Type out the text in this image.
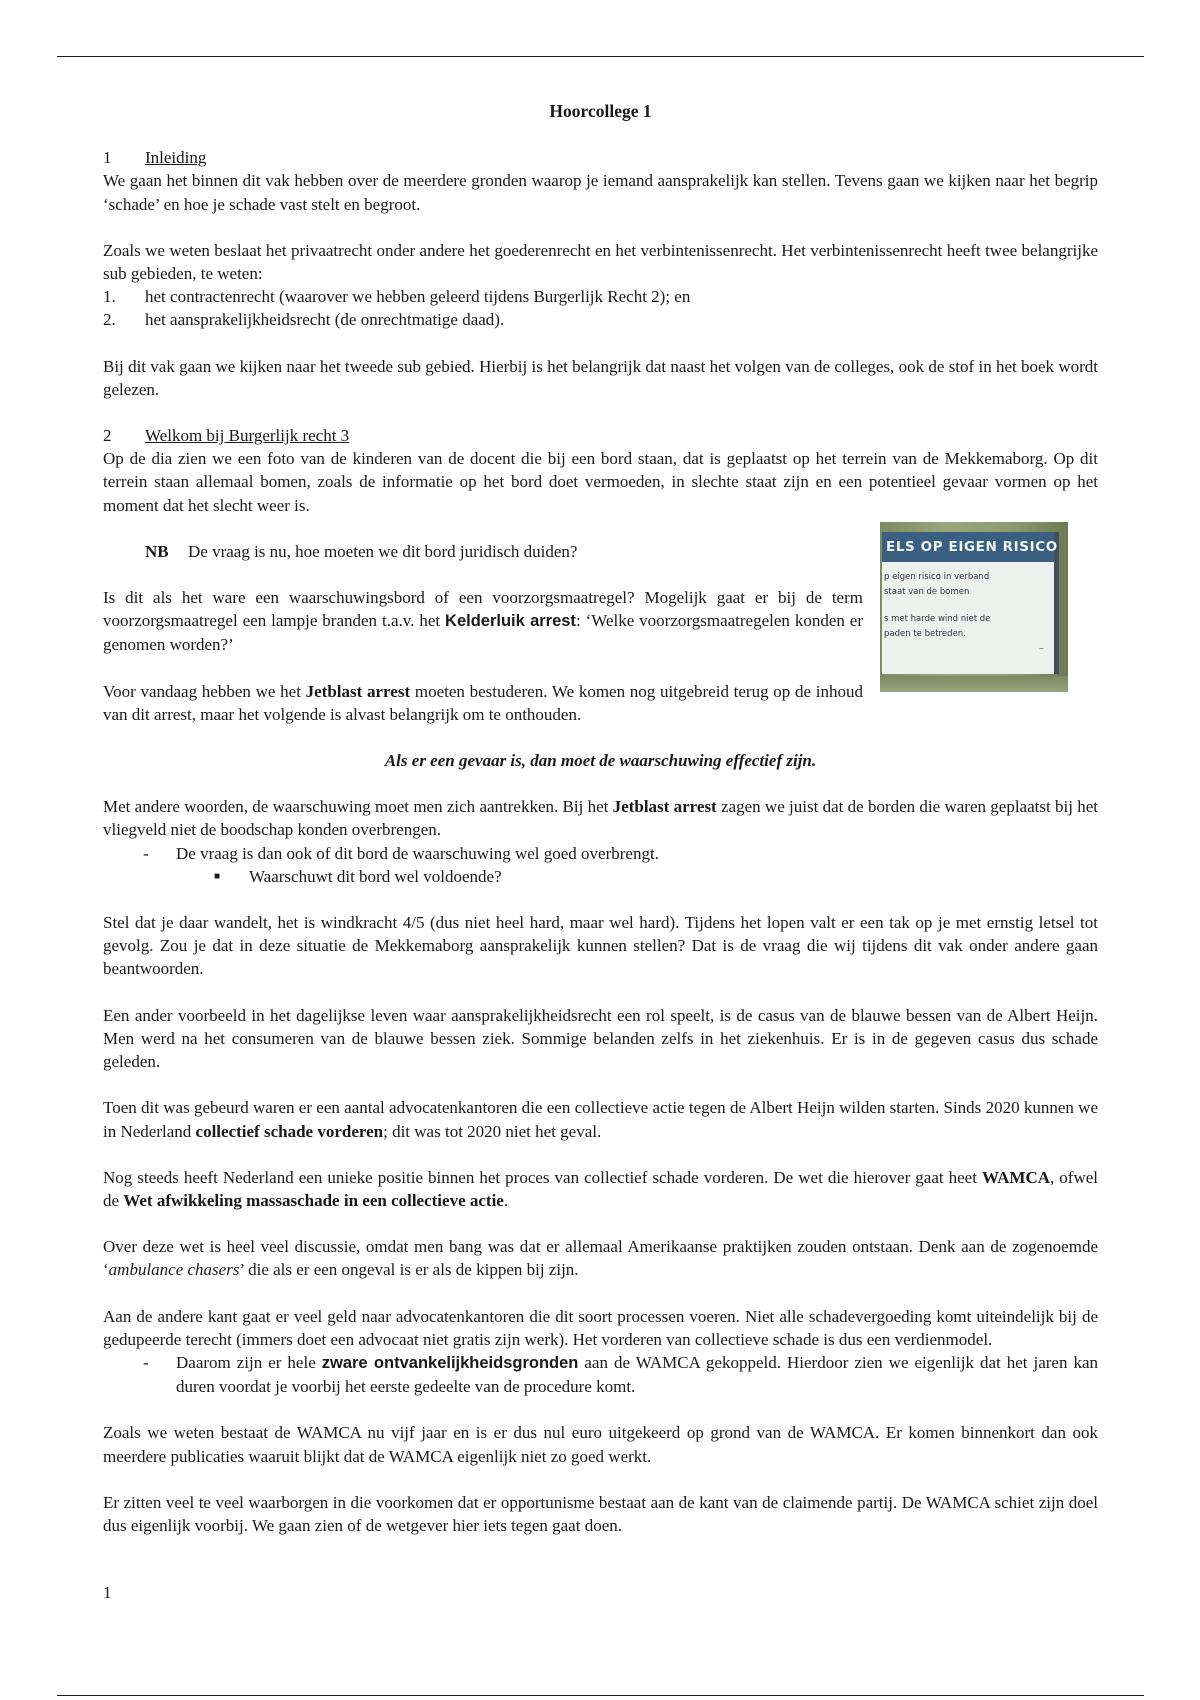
Hoorcollege 1

1 Inleiding

We gaan het binnen dit vak hebben over de meerdere gronden waarop je iemand aansprakelijk kan stellen. Tevens gaan we kijken naar het begrip ‘schade’ en hoe je schade vast stelt en begroot.

Zoals we weten beslaat het privaatrecht onder andere het goederenrecht en het verbintenissenrecht. Het verbintenissenrecht heeft twee belangrijke sub gebieden, te weten:

1.	het contractenrecht (waarover we hebben geleerd tijdens Burgerlijk Recht 2); en
2.	het aansprakelijkheidsrecht (de onrechtmatige daad).

Bij dit vak gaan we kijken naar het tweede sub gebied. Hierbij is het belangrijk dat naast het volgen van de colleges, ook de stof in het boek wordt gelezen.

2 Welkom bij Burgerlijk recht 3

Op de dia zien we een foto van de kinderen van de docent die bij een bord staan, dat is geplaatst op het terrein van de Mekkemaborg. Op dit terrein staan allemaal bomen, zoals de informatie op het bord doet vermoeden, in slechte staat zijn en een potentieel gevaar vormen op het moment dat het slecht weer is.

NB De vraag is nu, hoe moeten we dit bord juridisch duiden?

Is dit als het ware een waarschuwingsbord of een voorzorgsmaatregel? Mogelijk gaat er bij de term voorzorgsmaatregel een lampje branden t.a.v. het Kelderluik arrest: ‘Welke voorzorgsmaatregelen konden er genomen worden?’

Voor vandaag hebben we het Jetblast arrest moeten bestuderen. We komen nog uitgebreid terug op de inhoud van dit arrest, maar het volgende is alvast belangrijk om te onthouden.

Als er een gevaar is, dan moet de waarschuwing effectief zijn.

Met andere woorden, de waarschuwing moet men zich aantrekken. Bij het Jetblast arrest zagen we juist dat de borden die waren geplaatst bij het vliegveld niet de boodschap konden overbrengen.

-	De vraag is dan ook of dit bord de waarschuwing wel goed overbrengt.
■	Waarschuwt dit bord wel voldoende?

Stel dat je daar wandelt, het is windkracht 4/5 (dus niet heel hard, maar wel hard). Tijdens het lopen valt er een tak op je met ernstig letsel tot gevolg. Zou je dat in deze situatie de Mekkemaborg aansprakelijk kunnen stellen? Dat is de vraag die wij tijdens dit vak onder andere gaan beantwoorden.

Een ander voorbeeld in het dagelijkse leven waar aansprakelijkheidsrecht een rol speelt, is de casus van de blauwe bessen van de Albert Heijn. Men werd na het consumeren van de blauwe bessen ziek. Sommige belanden zelfs in het ziekenhuis. Er is in de gegeven casus dus schade geleden.

Toen dit was gebeurd waren er een aantal advocatenkantoren die een collectieve actie tegen de Albert Heijn wilden starten. Sinds 2020 kunnen we in Nederland collectief schade vorderen; dit was tot 2020 niet het geval.

Nog steeds heeft Nederland een unieke positie binnen het proces van collectief schade vorderen. De wet die hierover gaat heet WAMCA, ofwel de Wet afwikkeling massaschade in een collectieve actie.

Over deze wet is heel veel discussie, omdat men bang was dat er allemaal Amerikaanse praktijken zouden ontstaan. Denk aan de zogenoemde ‘ambulance chasers’ die als er een ongeval is er als de kippen bij zijn.

Aan de andere kant gaat er veel geld naar advocatenkantoren die dit soort processen voeren. Niet alle schadevergoeding komt uiteindelijk bij de gedupeerde terecht (immers doet een advocaat niet gratis zijn werk). Het vorderen van collectieve schade is dus een verdienmodel.

-	Daarom zijn er hele zware ontvankelijkheidsgronden aan de WAMCA gekoppeld. Hierdoor zien we eigenlijk dat het jaren kan duren voordat je voorbij het eerste gedeelte van de procedure komt.

Zoals we weten bestaat de WAMCA nu vijf jaar en is er dus nul euro uitgekeerd op grond van de WAMCA. Er komen binnenkort dan ook meerdere publicaties waaruit blijkt dat de WAMCA eigenlijk niet zo goed werkt.

Er zitten veel te veel waarborgen in die voorkomen dat er opportunisme bestaat aan de kant van de claimende partij. De WAMCA schiet zijn doel dus eigenlijk voorbij. We gaan zien of de wetgever hier iets tegen gaat doen.

ELS OP EIGEN RISICO
p eigen risico in verband
staat van de bomen
s met harde wind niet de
paden te betreden.
–
1
